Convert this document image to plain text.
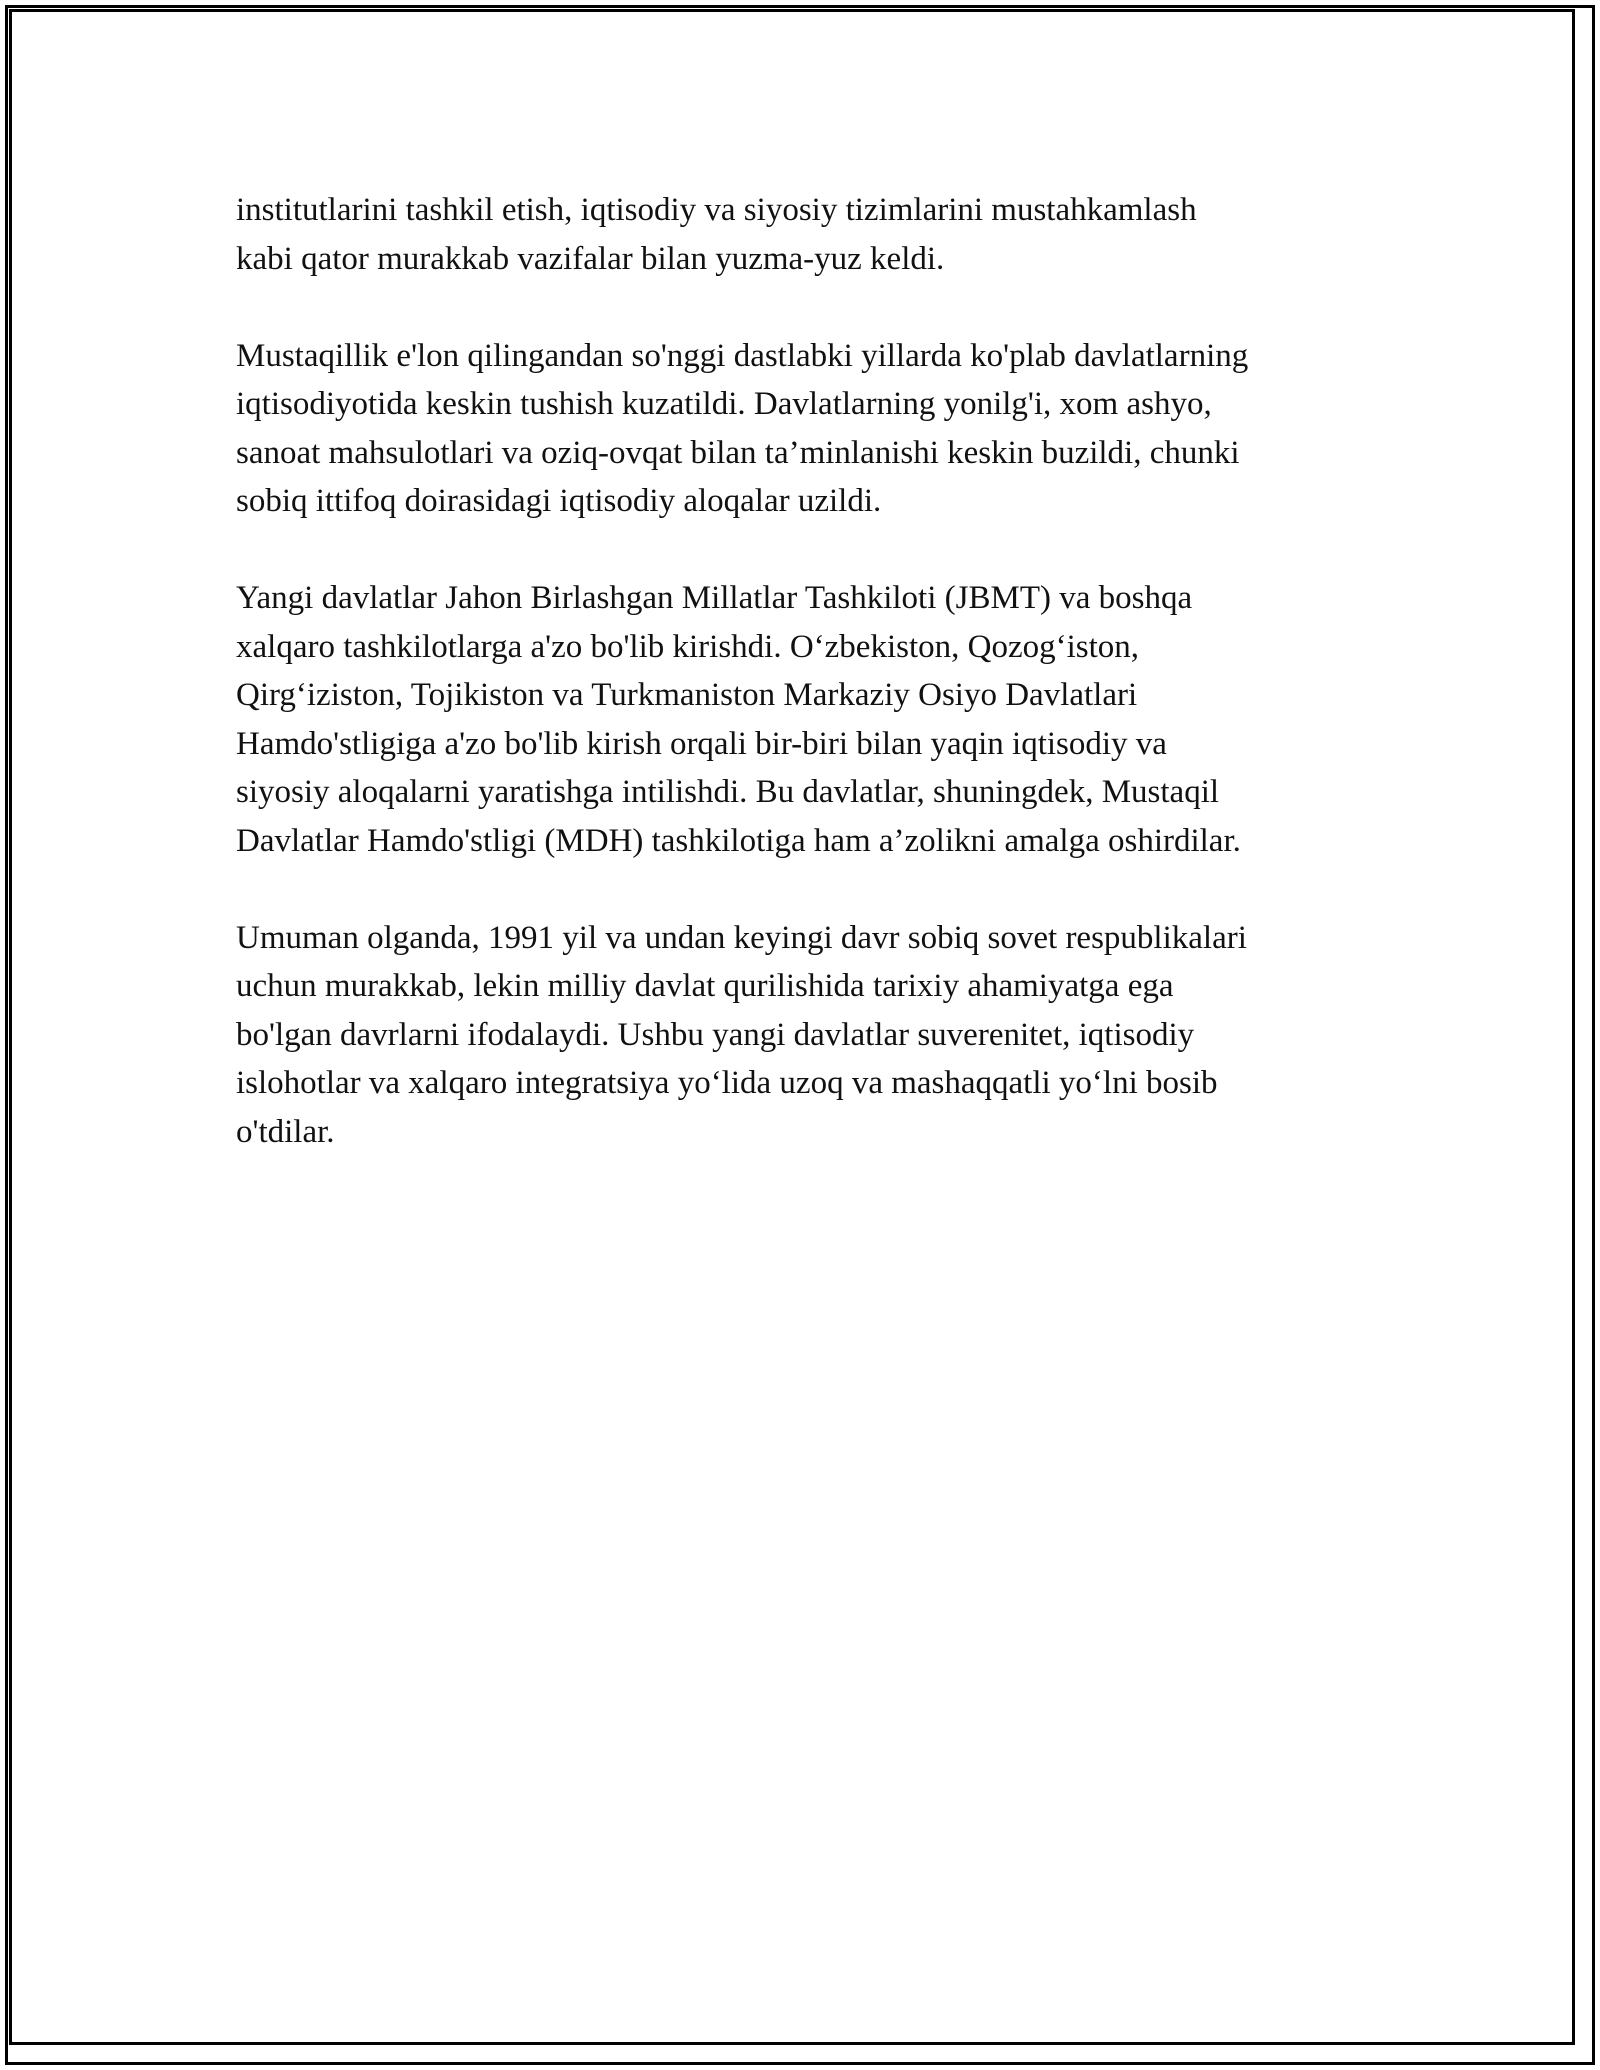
institutlarini tashkil etish, iqtisodiy va siyosiy tizimlarini mustahkamlash
kabi qator murakkab vazifalar bilan yuzma-yuz keldi.

Mustaqillik e'lon qilingandan so'nggi dastlabki yillarda ko'plab davlatlarning
iqtisodiyotida keskin tushish kuzatildi. Davlatlarning yonilg'i, xom ashyo,
sanoat mahsulotlari va oziq-ovqat bilan ta’minlanishi keskin buzildi, chunki
sobiq ittifoq doirasidagi iqtisodiy aloqalar uzildi.

Yangi davlatlar Jahon Birlashgan Millatlar Tashkiloti (JBMT) va boshqa
xalqaro tashkilotlarga a'zo bo'lib kirishdi. O‘zbekiston, Qozog‘iston,
Qirg‘iziston, Tojikiston va Turkmaniston Markaziy Osiyo Davlatlari
Hamdo'stligiga a'zo bo'lib kirish orqali bir-biri bilan yaqin iqtisodiy va
siyosiy aloqalarni yaratishga intilishdi. Bu davlatlar, shuningdek, Mustaqil
Davlatlar Hamdo'stligi (MDH) tashkilotiga ham a’zolikni amalga oshirdilar.

Umuman olganda, 1991 yil va undan keyingi davr sobiq sovet respublikalari
uchun murakkab, lekin milliy davlat qurilishida tarixiy ahamiyatga ega
bo'lgan davrlarni ifodalaydi. Ushbu yangi davlatlar suverenitet, iqtisodiy
islohotlar va xalqaro integratsiya yo‘lida uzoq va mashaqqatli yo‘lni bosib
o'tdilar.
